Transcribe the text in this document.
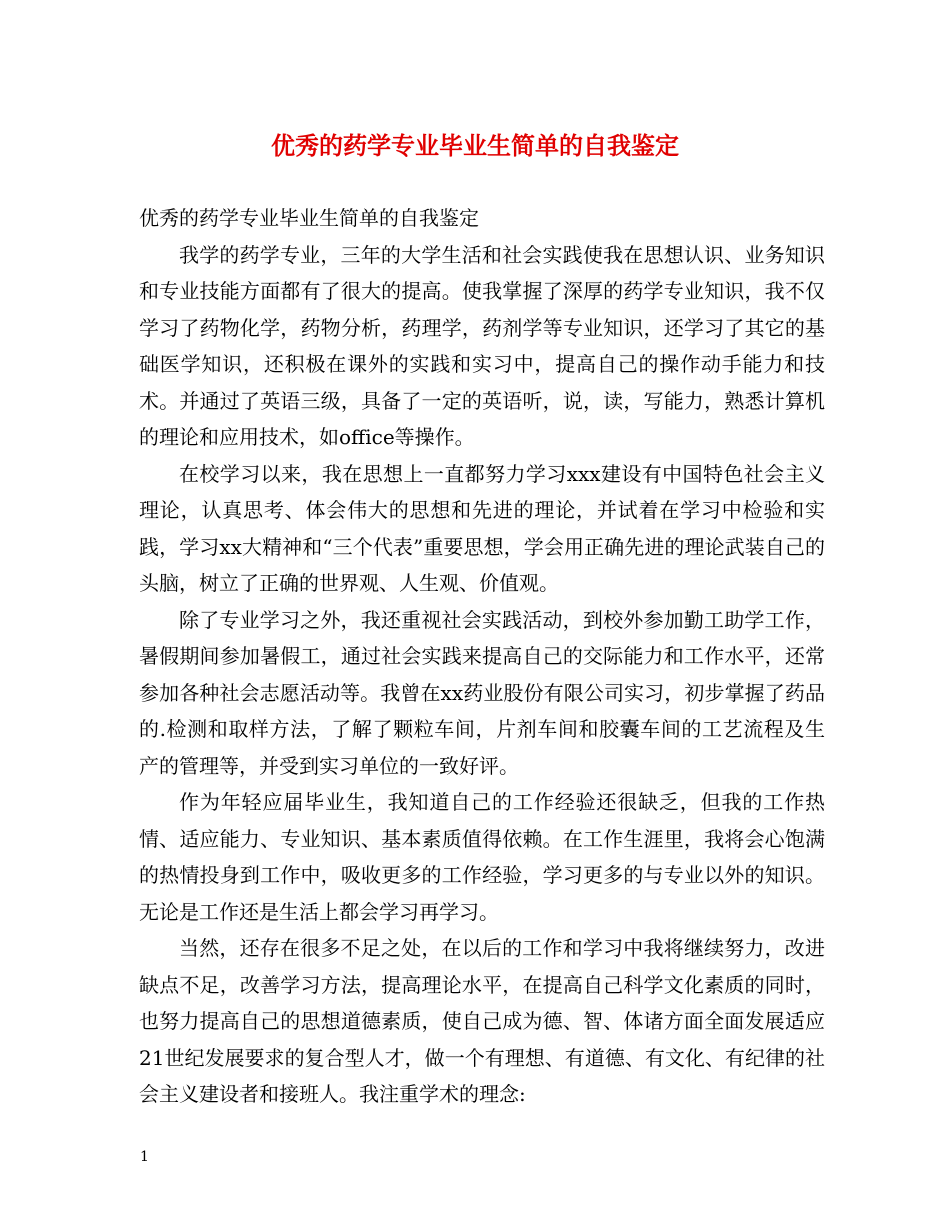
优秀的药学专业毕业生简单的自我鉴定

优秀的药学专业毕业生简单的自我鉴定

我学的药学专业，三年的大学生活和社会实践使我在思想认识、业务知识和专业技能方面都有了很大的提高。使我掌握了深厚的药学专业知识，我不仅学习了药物化学，药物分析，药理学，药剂学等专业知识，还学习了其它的基础医学知识，还积极在课外的实践和实习中，提高自己的操作动手能力和技术。并通过了英语三级，具备了一定的英语听，说，读，写能力，熟悉计算机的理论和应用技术，如office等操作。

在校学习以来，我在思想上一直都努力学习xxx建设有中国特色社会主义理论，认真思考、体会伟大的思想和先进的理论，并试着在学习中检验和实践，学习xx大精神和“三个代表”重要思想，学会用正确先进的理论武装自己的头脑，树立了正确的世界观、人生观、价值观。

除了专业学习之外，我还重视社会实践活动，到校外参加勤工助学工作，暑假期间参加暑假工，通过社会实践来提高自己的交际能力和工作水平，还常参加各种社会志愿活动等。我曾在xx药业股份有限公司实习，初步掌握了药品的.检测和取样方法，了解了颗粒车间，片剂车间和胶囊车间的工艺流程及生产的管理等，并受到实习单位的一致好评。

作为年轻应届毕业生，我知道自己的工作经验还很缺乏，但我的工作热情、适应能力、专业知识、基本素质值得依赖。在工作生涯里，我将会心饱满的热情投身到工作中，吸收更多的工作经验，学习更多的与专业以外的知识。无论是工作还是生活上都会学习再学习。

当然，还存在很多不足之处，在以后的工作和学习中我将继续努力，改进缺点不足，改善学习方法，提高理论水平，在提高自己科学文化素质的同时，也努力提高自己的思想道德素质，使自己成为德、智、体诸方面全面发展适应21世纪发展要求的复合型人才，做一个有理想、有道德、有文化、有纪律的社会主义建设者和接班人。我注重学术的理念:

1
